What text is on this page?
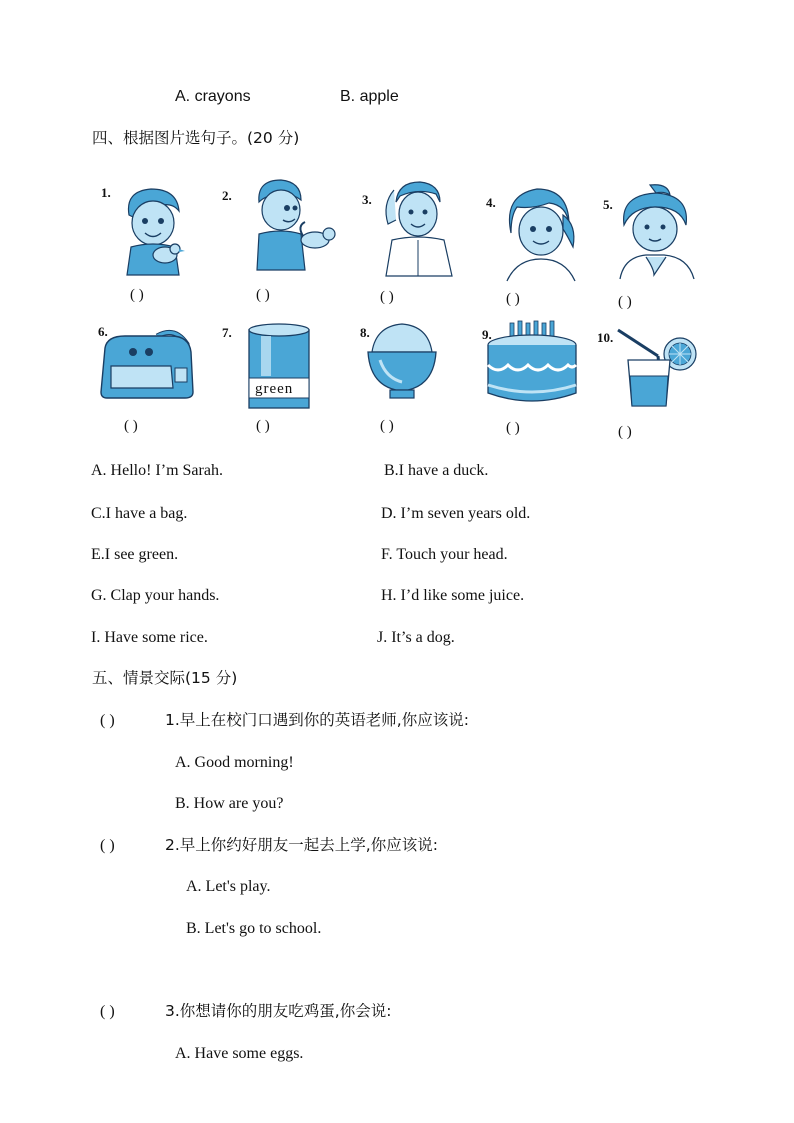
A. crayons	B. apple
四、根据图片选句子。(20 分)
1.
( )
2.
( )
3.
( )
4.
( )
5.
( )
6.
( )
7.
green
( )
8.
( )
9.
( )
10.
( )
A. Hello! I’m Sarah.	B.I have a duck.
C.I have a bag.	D. I’m seven years old.
E.I see green.	F. Touch your head.
G. Clap your hands.	H. I’d like some juice.
I. Have some rice.	J. It’s a dog.
五、情景交际(15 分)
( )	1.早上在校门口遇到你的英语老师,你应该说:
A. Good morning!
B. How are you?
( )	2.早上你约好朋友一起去上学,你应该说:
A. Let's play.
B. Let's go to school.
( )	3.你想请你的朋友吃鸡蛋,你会说:
A. Have some eggs.
